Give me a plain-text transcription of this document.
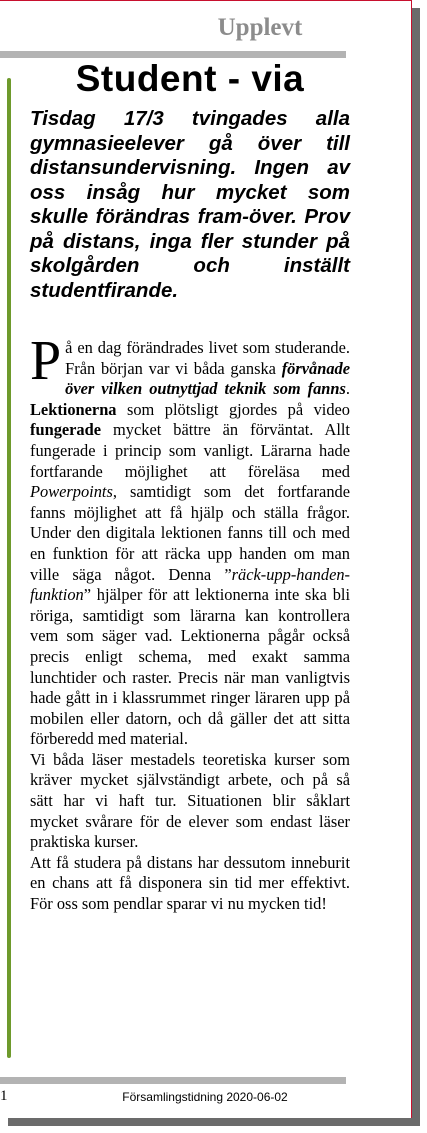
Upplevt
Student - via

Tisdag 17/3 tvingades alla gymnasieelever gå över till distansundervisning. Ingen av oss insåg hur mycket som skulle förändras fram-över. Prov på distans, inga fler stunder på skolgården och inställt studentfirande.

På en dag förändrades livet som studerande. Från början var vi båda ganska förvånade över vilken outnyttjad teknik som fanns. Lektionerna som plötsligt gjordes på video fungerade mycket bättre än förväntat. Allt fungerade i princip som vanligt. Lärarna hade fortfarande möjlighet att föreläsa med Powerpoints, samtidigt som det fortfarande fanns möjlighet att få hjälp och ställa frågor. Under den digitala lektionen fanns till och med en funktion för att räcka upp handen om man ville säga något. Denna ”räck-upp-handen-funktion” hjälper för att lektionerna inte ska bli röriga, samtidigt som lärarna kan kontrollera vem som säger vad. Lektionerna pågår också precis enligt schema, med exakt samma lunchtider och raster. Precis när man vanligtvis hade gått in i klassrummet ringer läraren upp på mobilen eller datorn, och då gäller det att sitta förberedd med material.

Vi båda läser mestadels teoretiska kurser som kräver mycket självständigt arbete, och på så sätt har vi haft tur. Situationen blir såklart mycket svårare för de elever som endast läser praktiska kurser.

Att få studera på distans har dessutom inneburit en chans att få disponera sin tid mer effektivt. För oss som pendlar sparar vi nu mycken tid!

1	Församlingstidning 2020-06-02
